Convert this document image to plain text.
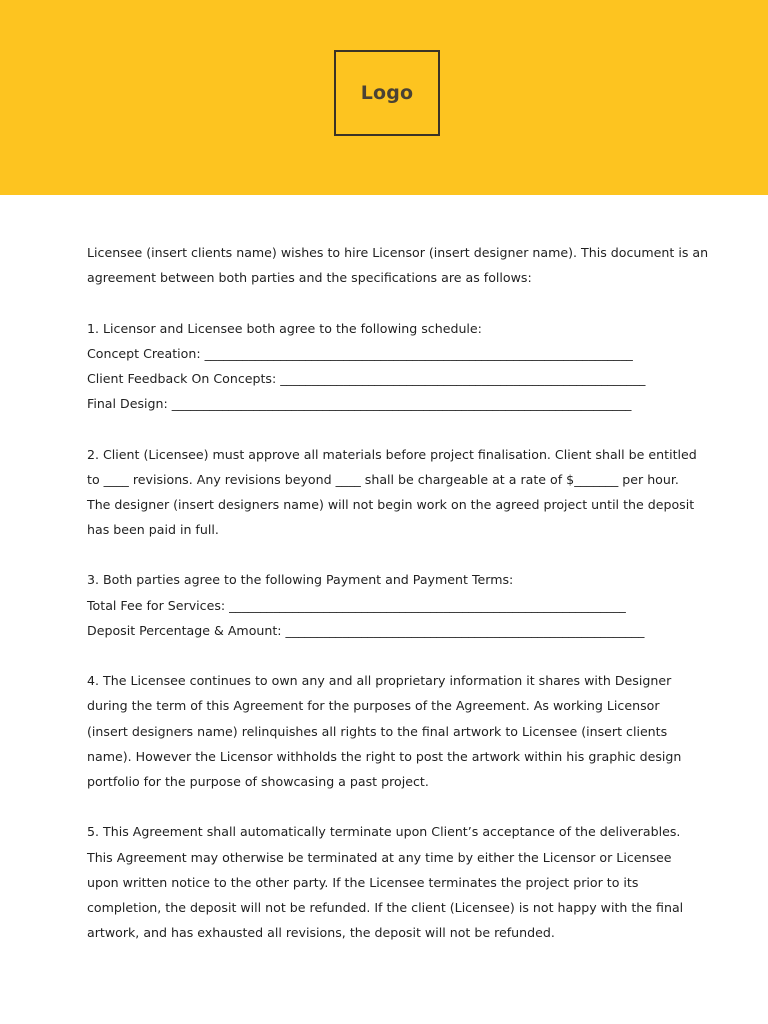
Logo
Licensee (insert clients name) wishes to hire Licensor (insert designer name). This document is an
agreement between both parties and the specifications are as follows:
1. Licensor and Licensee both agree to the following schedule:
Concept Creation: ____________________________________________________________________
Client Feedback On Concepts: __________________________________________________________
Final Design: _________________________________________________________________________
2. Client (Licensee) must approve all materials before project finalisation. Client shall be entitled
to ____ revisions. Any revisions beyond ____ shall be chargeable at a rate of $_______ per hour.
The designer (insert designers name) will not begin work on the agreed project until the deposit
has been paid in full.
3. Both parties agree to the following Payment and Payment Terms:
Total Fee for Services: _______________________________________________________________
Deposit Percentage & Amount: _________________________________________________________
4. The Licensee continues to own any and all proprietary information it shares with Designer
during the term of this Agreement for the purposes of the Agreement. As working Licensor
(insert designers name) relinquishes all rights to the final artwork to Licensee (insert clients
name). However the Licensor withholds the right to post the artwork within his graphic design
portfolio for the purpose of showcasing a past project.
5. This Agreement shall automatically terminate upon Client’s acceptance of the deliverables.
This Agreement may otherwise be terminated at any time by either the Licensor or Licensee
upon written notice to the other party. If the Licensee terminates the project prior to its
completion, the deposit will not be refunded. If the client (Licensee) is not happy with the final
artwork, and has exhausted all revisions, the deposit will not be refunded.
